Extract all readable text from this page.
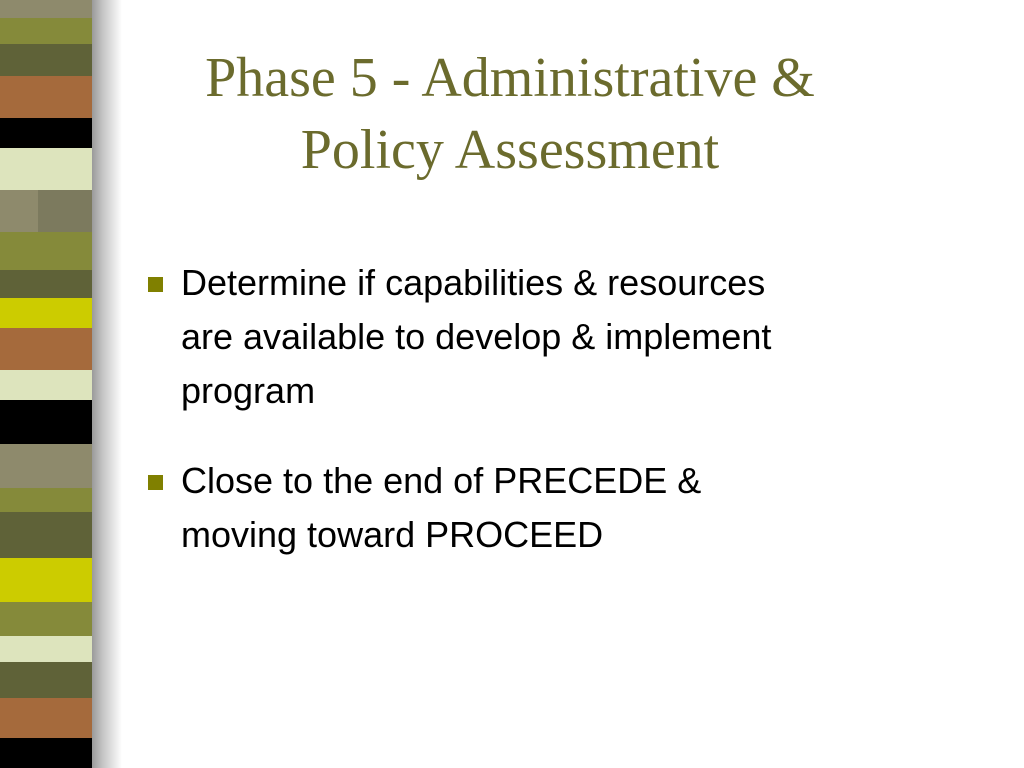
Phase 5 - Administrative &
Policy Assessment
Determine if capabilities & resources
are available to develop & implement
program
Close to the end of PRECEDE &
moving toward PROCEED
